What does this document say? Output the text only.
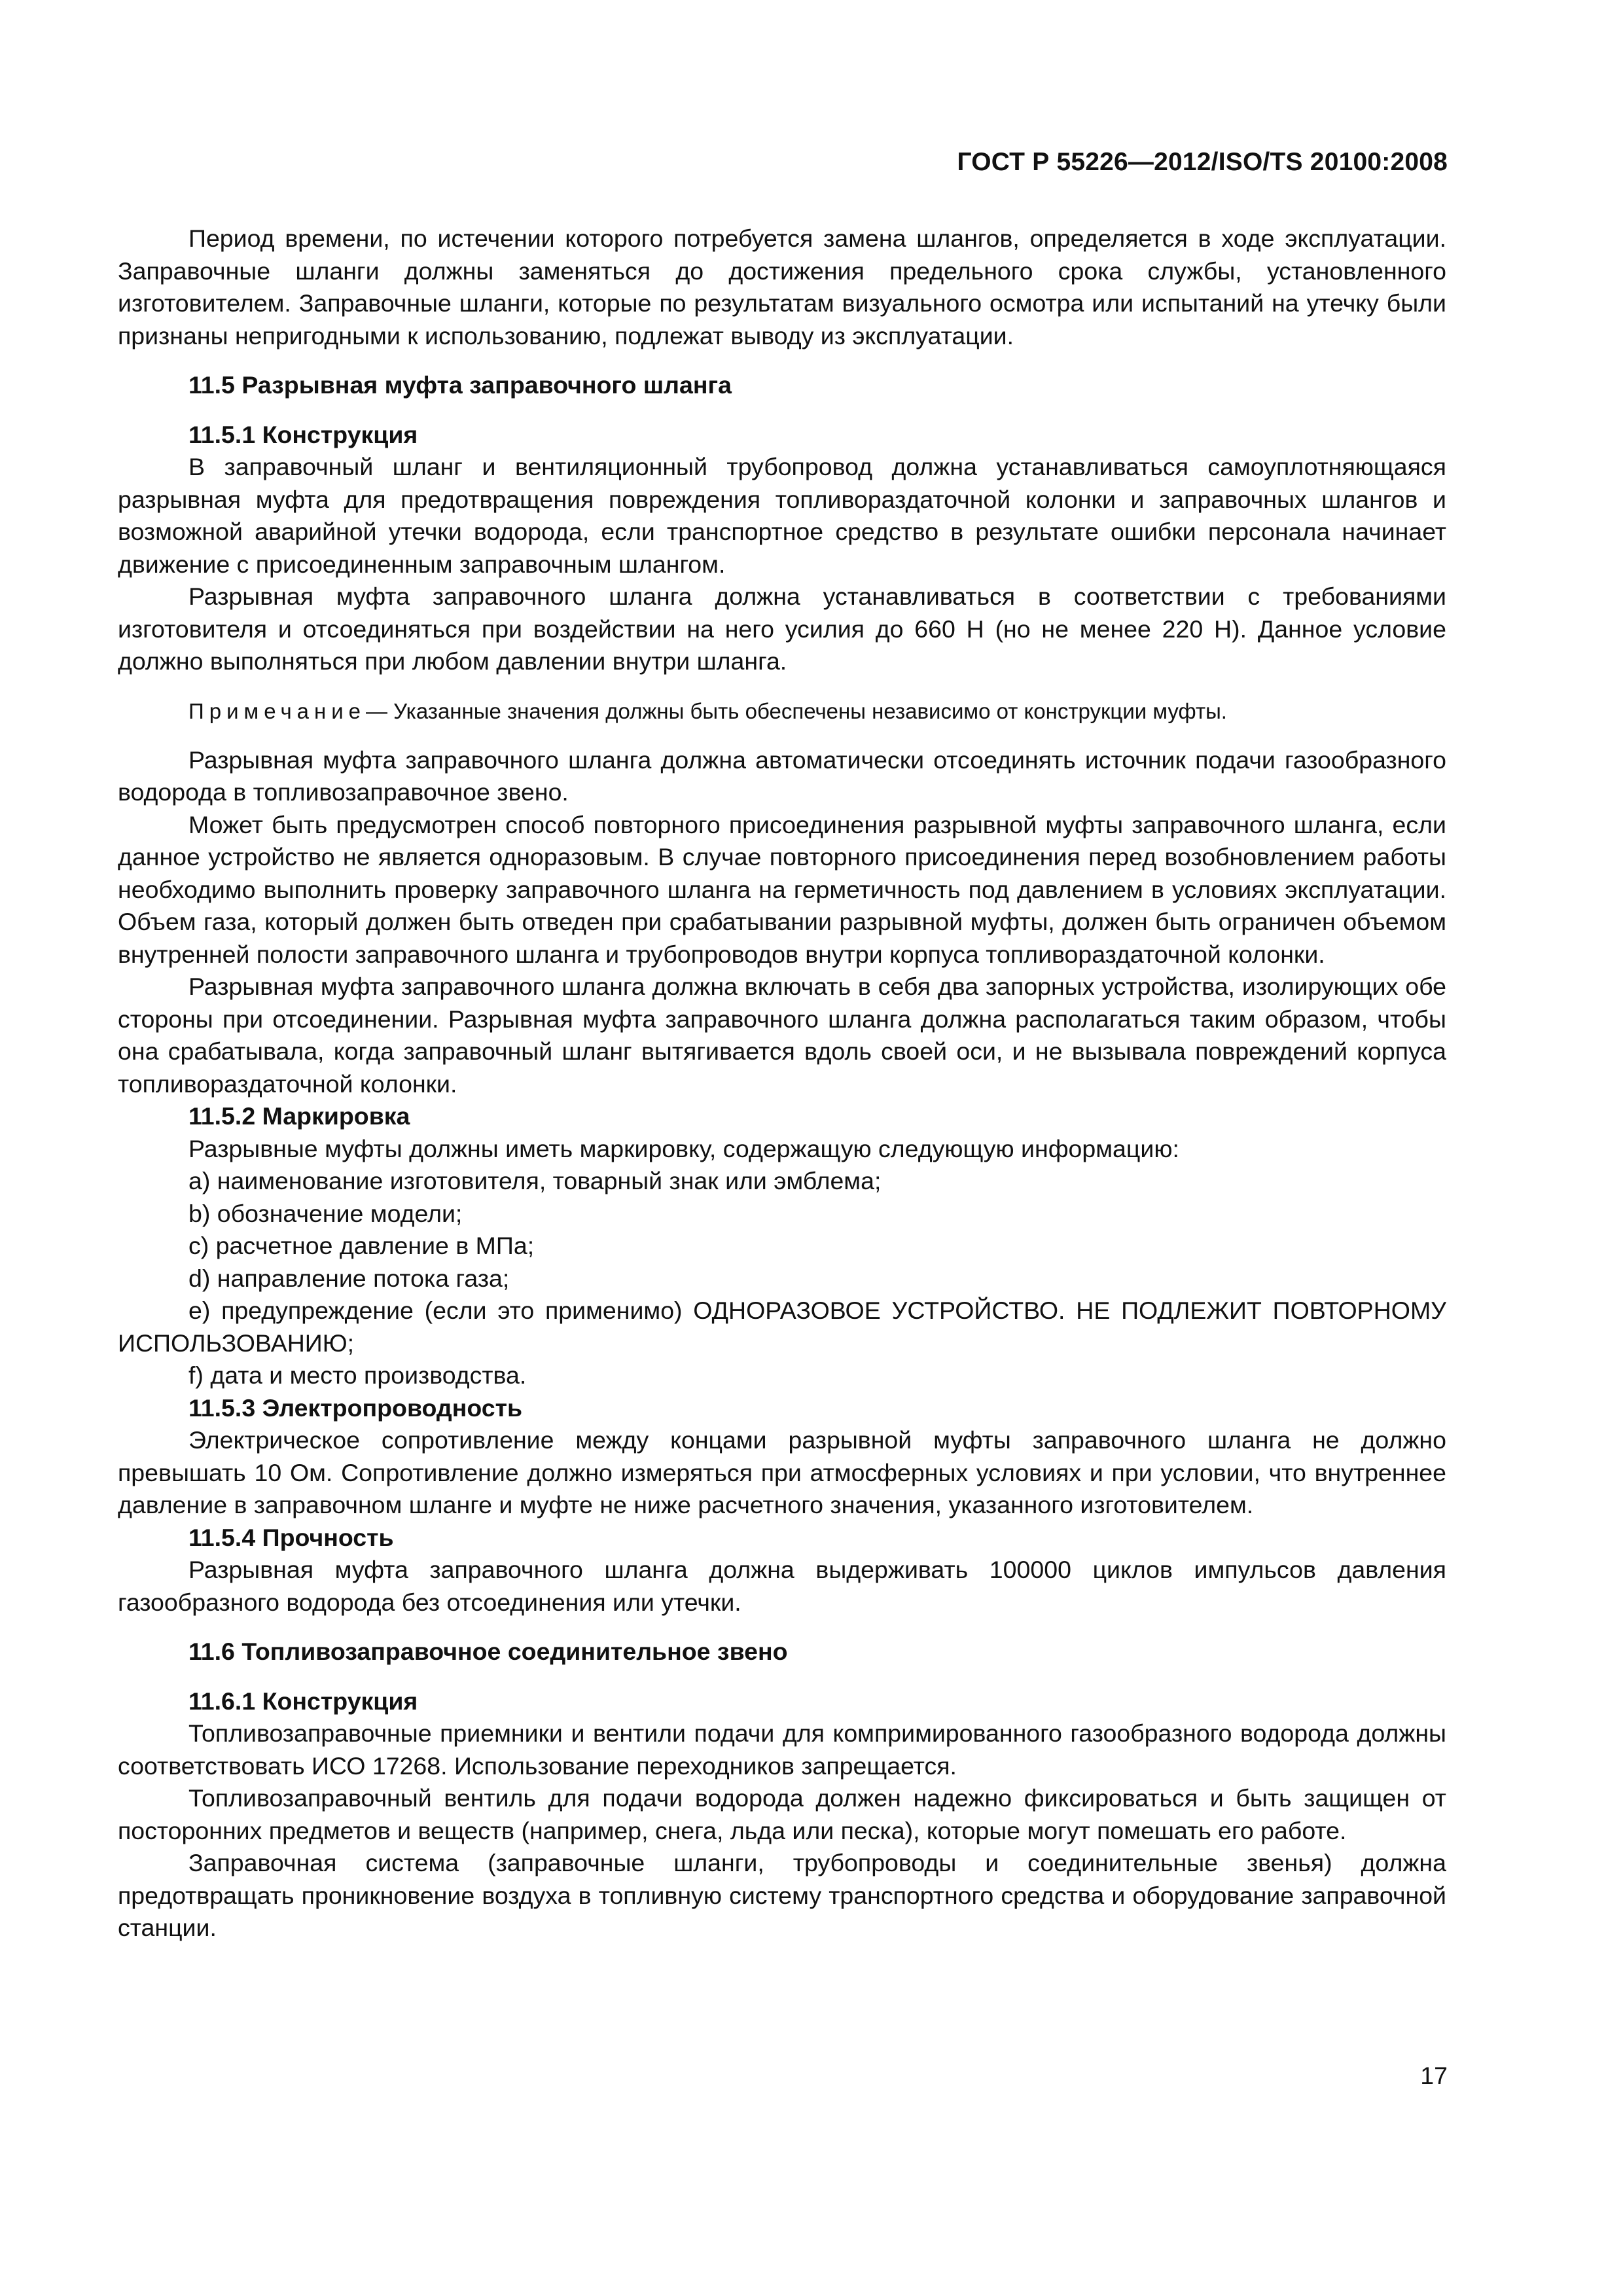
ГОСТ Р 55226—2012/ISO/TS 20100:2008

Период времени, по истечении которого потребуется замена шлангов, определяется в ходе эксплуатации. Заправочные шланги должны заменяться до достижения предельного срока службы, установленного изготовителем. Заправочные шланги, которые по результатам визуального осмотра или испытаний на утечку были признаны непригодными к использованию, подлежат выводу из эксплуатации.

11.5 Разрывная муфта заправочного шланга

11.5.1 Конструкция

В заправочный шланг и вентиляционный трубопровод должна устанавливаться самоуплотняющаяся разрывная муфта для предотвращения повреждения топливораздаточной колонки и заправочных шлангов и возможной аварийной утечки водорода, если транспортное средство в результате ошибки персонала начинает движение с присоединенным заправочным шлангом.

Разрывная муфта заправочного шланга должна устанавливаться в соответствии с требованиями изготовителя и отсоединяться при воздействии на него усилия до 660 Н (но не менее 220 Н). Данное условие должно выполняться при любом давлении внутри шланга.

Примечание— Указанные значения должны быть обеспечены независимо от конструкции муфты.

Разрывная муфта заправочного шланга должна автоматически отсоединять источник подачи газообразного водорода в топливозаправочное звено.

Может быть предусмотрен способ повторного присоединения разрывной муфты заправочного шланга, если данное устройство не является одноразовым. В случае повторного присоединения перед возобновлением работы необходимо выполнить проверку заправочного шланга на герметичность под давлением в условиях эксплуатации. Объем газа, который должен быть отведен при срабатывании разрывной муфты, должен быть ограничен объемом внутренней полости заправочного шланга и трубопроводов внутри корпуса топливораздаточной колонки.

Разрывная муфта заправочного шланга должна включать в себя два запорных устройства, изолирующих обе стороны при отсоединении. Разрывная муфта заправочного шланга должна располагаться таким образом, чтобы она срабатывала, когда заправочный шланг вытягивается вдоль своей оси, и не вызывала повреждений корпуса топливораздаточной колонки.

11.5.2 Маркировка

Разрывные муфты должны иметь маркировку, содержащую следующую информацию:

а) наименование изготовителя, товарный знак или эмблема;

b) обозначение модели;

с) расчетное давление в МПа;

d) направление потока газа;

е) предупреждение (если это применимо) ОДНОРАЗОВОЕ УСТРОЙСТВО. НЕ ПОДЛЕЖИТ ПОВТОРНОМУ ИСПОЛЬЗОВАНИЮ;

f) дата и место производства.

11.5.3 Электропроводность

Электрическое сопротивление между концами разрывной муфты заправочного шланга не должно превышать 10 Ом. Сопротивление должно измеряться при атмосферных условиях и при условии, что внутреннее давление в заправочном шланге и муфте не ниже расчетного значения, указанного изготовителем.

11.5.4 Прочность

Разрывная муфта заправочного шланга должна выдерживать 100000 циклов импульсов давления газообразного водорода без отсоединения или утечки.

11.6 Топливозаправочное соединительное звено

11.6.1 Конструкция

Топливозаправочные приемники и вентили подачи для компримированного газообразного водорода должны соответствовать ИСО 17268. Использование переходников запрещается.

Топливозаправочный вентиль для подачи водорода должен надежно фиксироваться и быть защищен от посторонних предметов и веществ (например, снега, льда или песка), которые могут помешать его работе.

Заправочная система (заправочные шланги, трубопроводы и соединительные звенья) должна предотвращать проникновение воздуха в топливную систему транспортного средства и оборудование заправочной станции.

17
